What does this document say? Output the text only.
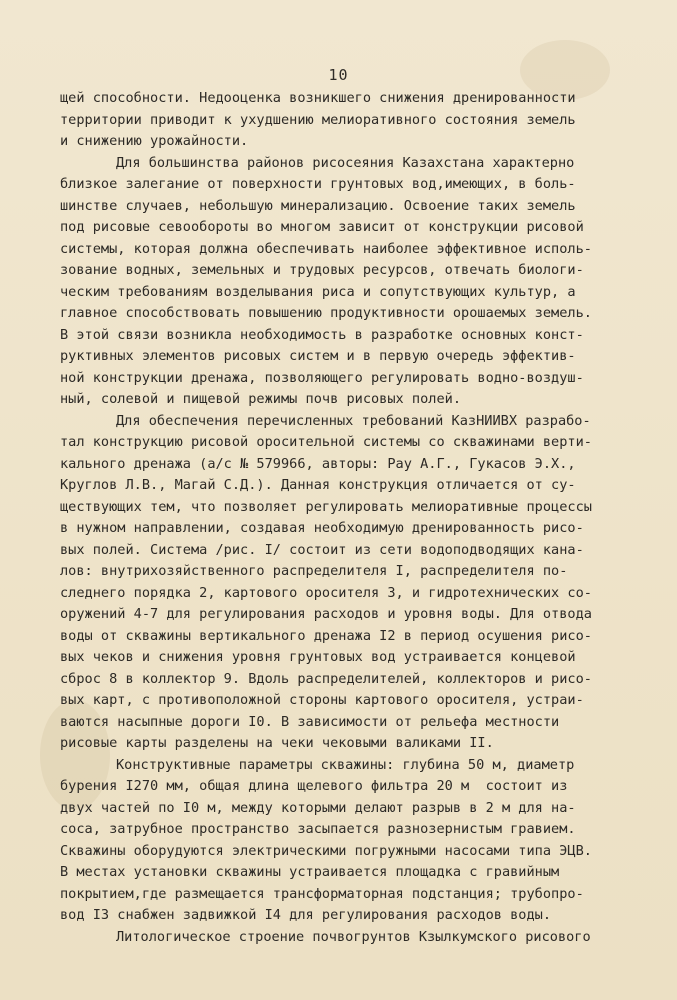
10
щей способности. Недооценка возникшего снижения дренированности
территории приводит к ухудшению мелиоративного состояния земель
и снижению урожайности.
Для большинства районов рисосеяния Казахстана характерно
близкое залегание от поверхности грунтовых вод,имеющих, в боль-
шинстве случаев, небольшую минерализацию. Освоение таких земель
под рисовые севообороты во многом зависит от конструкции рисовой
системы, которая должна обеспечивать наиболее эффективное исполь-
зование водных, земельных и трудовых ресурсов, отвечать биологи-
ческим требованиям возделывания риса и сопутствующих культур, а
главное способствовать повышению продуктивности орошаемых земель.
В этой связи возникла необходимость в разработке основных конст-
руктивных элементов рисовых систем и в первую очередь эффектив-
ной конструкции дренажа, позволяющего регулировать водно-воздуш-
ный, солевой и пищевой режимы почв рисовых полей.
Для обеспечения перечисленных требований КазНИИВХ разрабо-
тал конструкцию рисовой оросительной системы со скважинами верти-
кального дренажа (а/с № 579966, авторы: Рау А.Г., Гукасов Э.Х.,
Круглов Л.В., Магай С.Д.). Данная конструкция отличается от су-
ществующих тем, что позволяет регулировать мелиоративные процессы
в нужном направлении, создавая необходимую дренированность рисо-
вых полей. Система /рис. I/ состоит из сети водоподводящих кана-
лов: внутрихозяйственного распределителя I, распределителя по-
следнего порядка 2, картового оросителя 3, и гидротехнических со-
оружений 4-7 для регулирования расходов и уровня воды. Для отвода
воды от скважины вертикального дренажа I2 в период осушения рисо-
вых чеков и снижения уровня грунтовых вод устраивается концевой
сброс 8 в коллектор 9. Вдоль распределителей, коллекторов и рисо-
вых карт, с противоположной стороны картового оросителя, устраи-
ваются насыпные дороги I0. В зависимости от рельефа местности
рисовые карты разделены на чеки чековыми валиками II.
Конструктивные параметры скважины: глубина 50 м, диаметр
бурения I270 мм, общая длина щелевого фильтра 20 м  состоит из
двух частей по I0 м, между которыми делают разрыв в 2 м для на-
соса, затрубное пространство засыпается разнозернистым гравием.
Скважины оборудуются электрическими погружными насосами типа ЭЦВ.
В местах установки скважины устраивается площадка с гравийным
покрытием,где размещается трансформаторная подстанция; трубопро-
вод I3 снабжен задвижкой I4 для регулирования расходов воды.
Литологическое строение почвогрунтов Кзылкумского рисового
